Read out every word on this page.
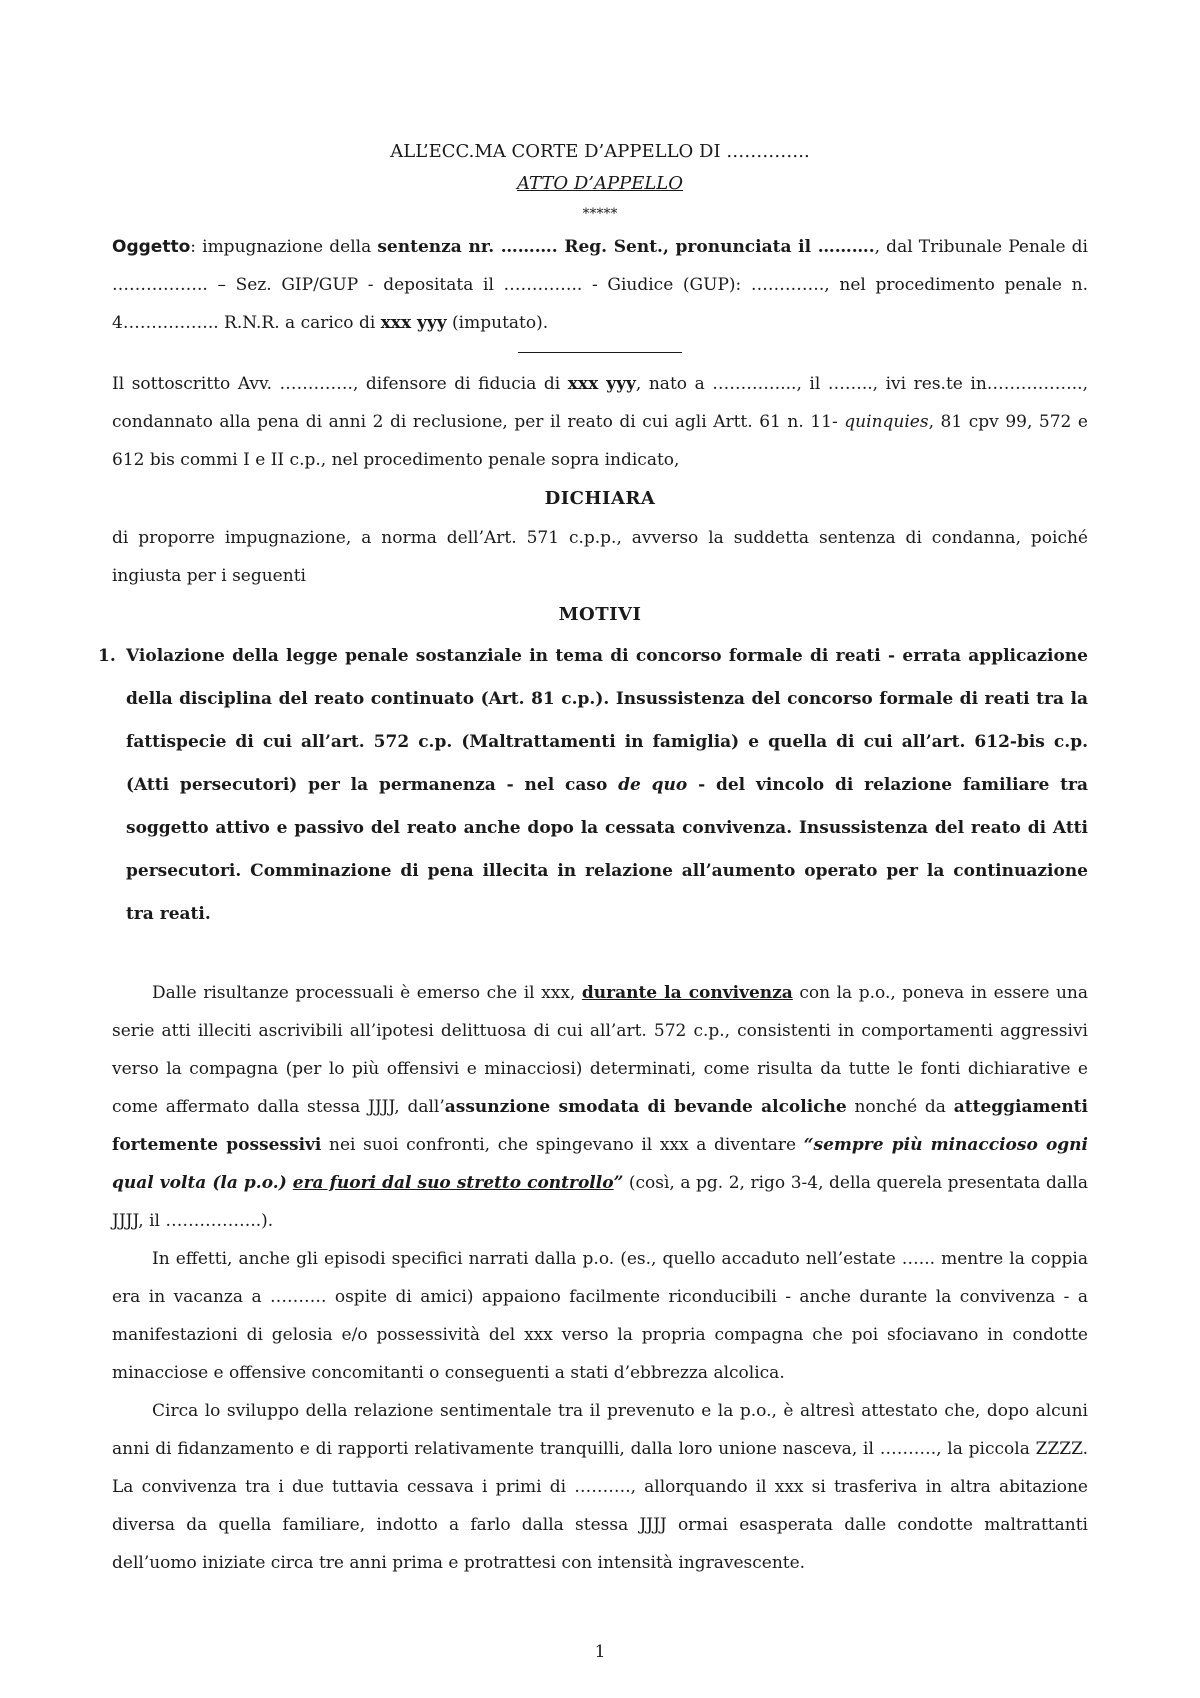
ALL’ECC.MA CORTE D’APPELLO DI …………..
ATTO D’APPELLO
*****

Oggetto: impugnazione della sentenza nr. ………. Reg. Sent., pronunciata il ………., dal Tribunale Penale di …………….. – Sez. GIP/GUP - depositata il ………….. - Giudice (GUP): …………., nel procedimento penale n. 4…………….. R.N.R. a carico di xxx yyy (imputato).

Il sottoscritto Avv. …………., difensore di fiducia di xxx yyy, nato a …………..., il …….., ivi res.te in…………….., condannato alla pena di anni 2 di reclusione, per il reato di cui agli Artt. 61 n. 11- quinquies, 81 cpv 99, 572 e 612 bis commi I e II c.p., nel procedimento penale sopra indicato,

DICHIARA

di proporre impugnazione, a norma dell’Art. 571 c.p.p., avverso la suddetta sentenza di condanna, poiché ingiusta per i seguenti

MOTIVI
1. Violazione della legge penale sostanziale in tema di concorso formale di reati - errata applicazione della disciplina del reato continuato (Art. 81 c.p.). Insussistenza del concorso formale di reati tra la fattispecie di cui all’art. 572 c.p. (Maltrattamenti in famiglia) e quella di cui all’art. 612-bis c.p. (Atti persecutori) per la permanenza - nel caso de quo - del vincolo di relazione familiare tra soggetto attivo e passivo del reato anche dopo la cessata convivenza. Insussistenza del reato di Atti persecutori. Comminazione di pena illecita in relazione all’aumento operato per la continuazione tra reati.

Dalle risultanze processuali è emerso che il xxx, durante la convivenza con la p.o., poneva in essere una serie atti illeciti ascrivibili all’ipotesi delittuosa di cui all’art. 572 c.p., consistenti in comportamenti aggressivi verso la compagna (per lo più offensivi e minacciosi) determinati, come risulta da tutte le fonti dichiarative e come affermato dalla stessa JJJJ, dall’assunzione smodata di bevande alcoliche nonché da atteggiamenti fortemente possessivi nei suoi confronti, che spingevano il xxx a diventare “sempre più minaccioso ogni qual volta (la p.o.) era fuori dal suo stretto controllo” (così, a pg. 2, rigo 3-4, della querela presentata dalla JJJJ, il ……………..).

In effetti, anche gli episodi specifici narrati dalla p.o. (es., quello accaduto nell’estate …... mentre la coppia era in vacanza a ………. ospite di amici) appaiono facilmente riconducibili - anche durante la convivenza - a manifestazioni di gelosia e/o possessività del xxx verso la propria compagna che poi sfociavano in condotte minacciose e offensive concomitanti o conseguenti a stati d’ebbrezza alcolica.

Circa lo sviluppo della relazione sentimentale tra il prevenuto e la p.o., è altresì attestato che, dopo alcuni anni di fidanzamento e di rapporti relativamente tranquilli, dalla loro unione nasceva, il ………., la piccola ZZZZ. La convivenza tra i due tuttavia cessava i primi di ………., allorquando il xxx si trasferiva in altra abitazione diversa da quella familiare, indotto a farlo dalla stessa JJJJ ormai esasperata dalle condotte maltrattanti dell’uomo iniziate circa tre anni prima e protrattesi con intensità ingravescente.

1
